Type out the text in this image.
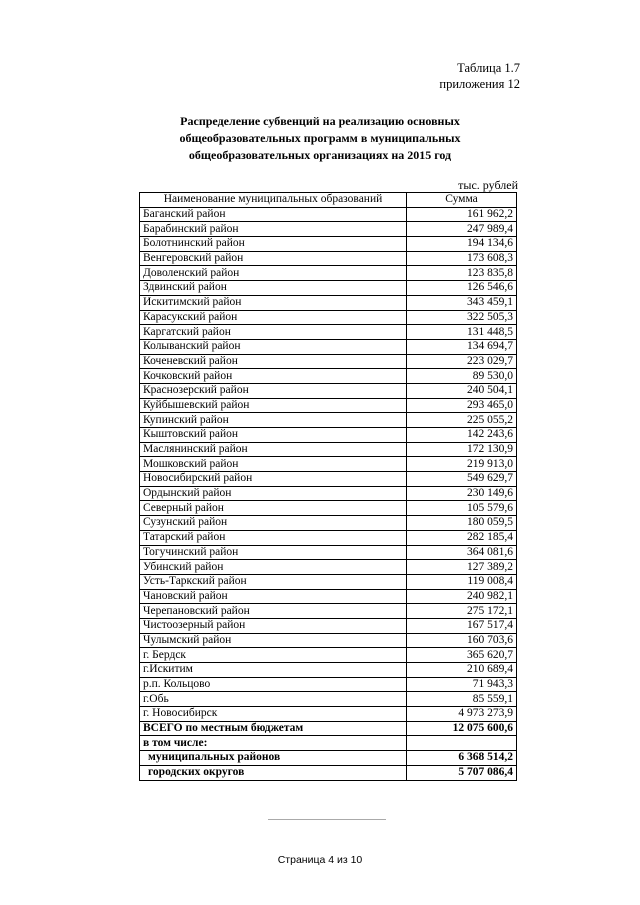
Таблица 1.7
приложения 12
Распределение субвенций на реализацию основных
общеобразовательных программ в муниципальных
общеобразовательных организациях на 2015 год
тыс. рублей
Наименование муниципальных образований	Сумма
Баганский район	161 962,2
Барабинский район	247 989,4
Болотнинский район	194 134,6
Венгеровский район	173 608,3
Доволенский район	123 835,8
Здвинский район	126 546,6
Искитимский район	343 459,1
Карасукский район	322 505,3
Каргатский район	131 448,5
Колыванский район	134 694,7
Коченевский район	223 029,7
Кочковский район	89 530,0
Краснозерский район	240 504,1
Куйбышевский район	293 465,0
Купинский район	225 055,2
Кыштовский район	142 243,6
Маслянинский район	172 130,9
Мошковский район	219 913,0
Новосибирский район	549 629,7
Ордынский район	230 149,6
Северный район	105 579,6
Сузунский район	180 059,5
Татарский район	282 185,4
Тогучинский район	364 081,6
Убинский район	127 389,2
Усть-Таркский район	119 008,4
Чановский район	240 982,1
Черепановский район	275 172,1
Чистоозерный район	167 517,4
Чулымский район	160 703,6
г. Бердск	365 620,7
г.Искитим	210 689,4
р.п. Кольцово	71 943,3
г.Обь	85 559,1
г. Новосибирск	4 973 273,9
ВСЕГО по местным бюджетам	12 075 600,6
в том числе:	
муниципальных районов	6 368 514,2
городских округов	5 707 086,4
Страница 4 из 10
